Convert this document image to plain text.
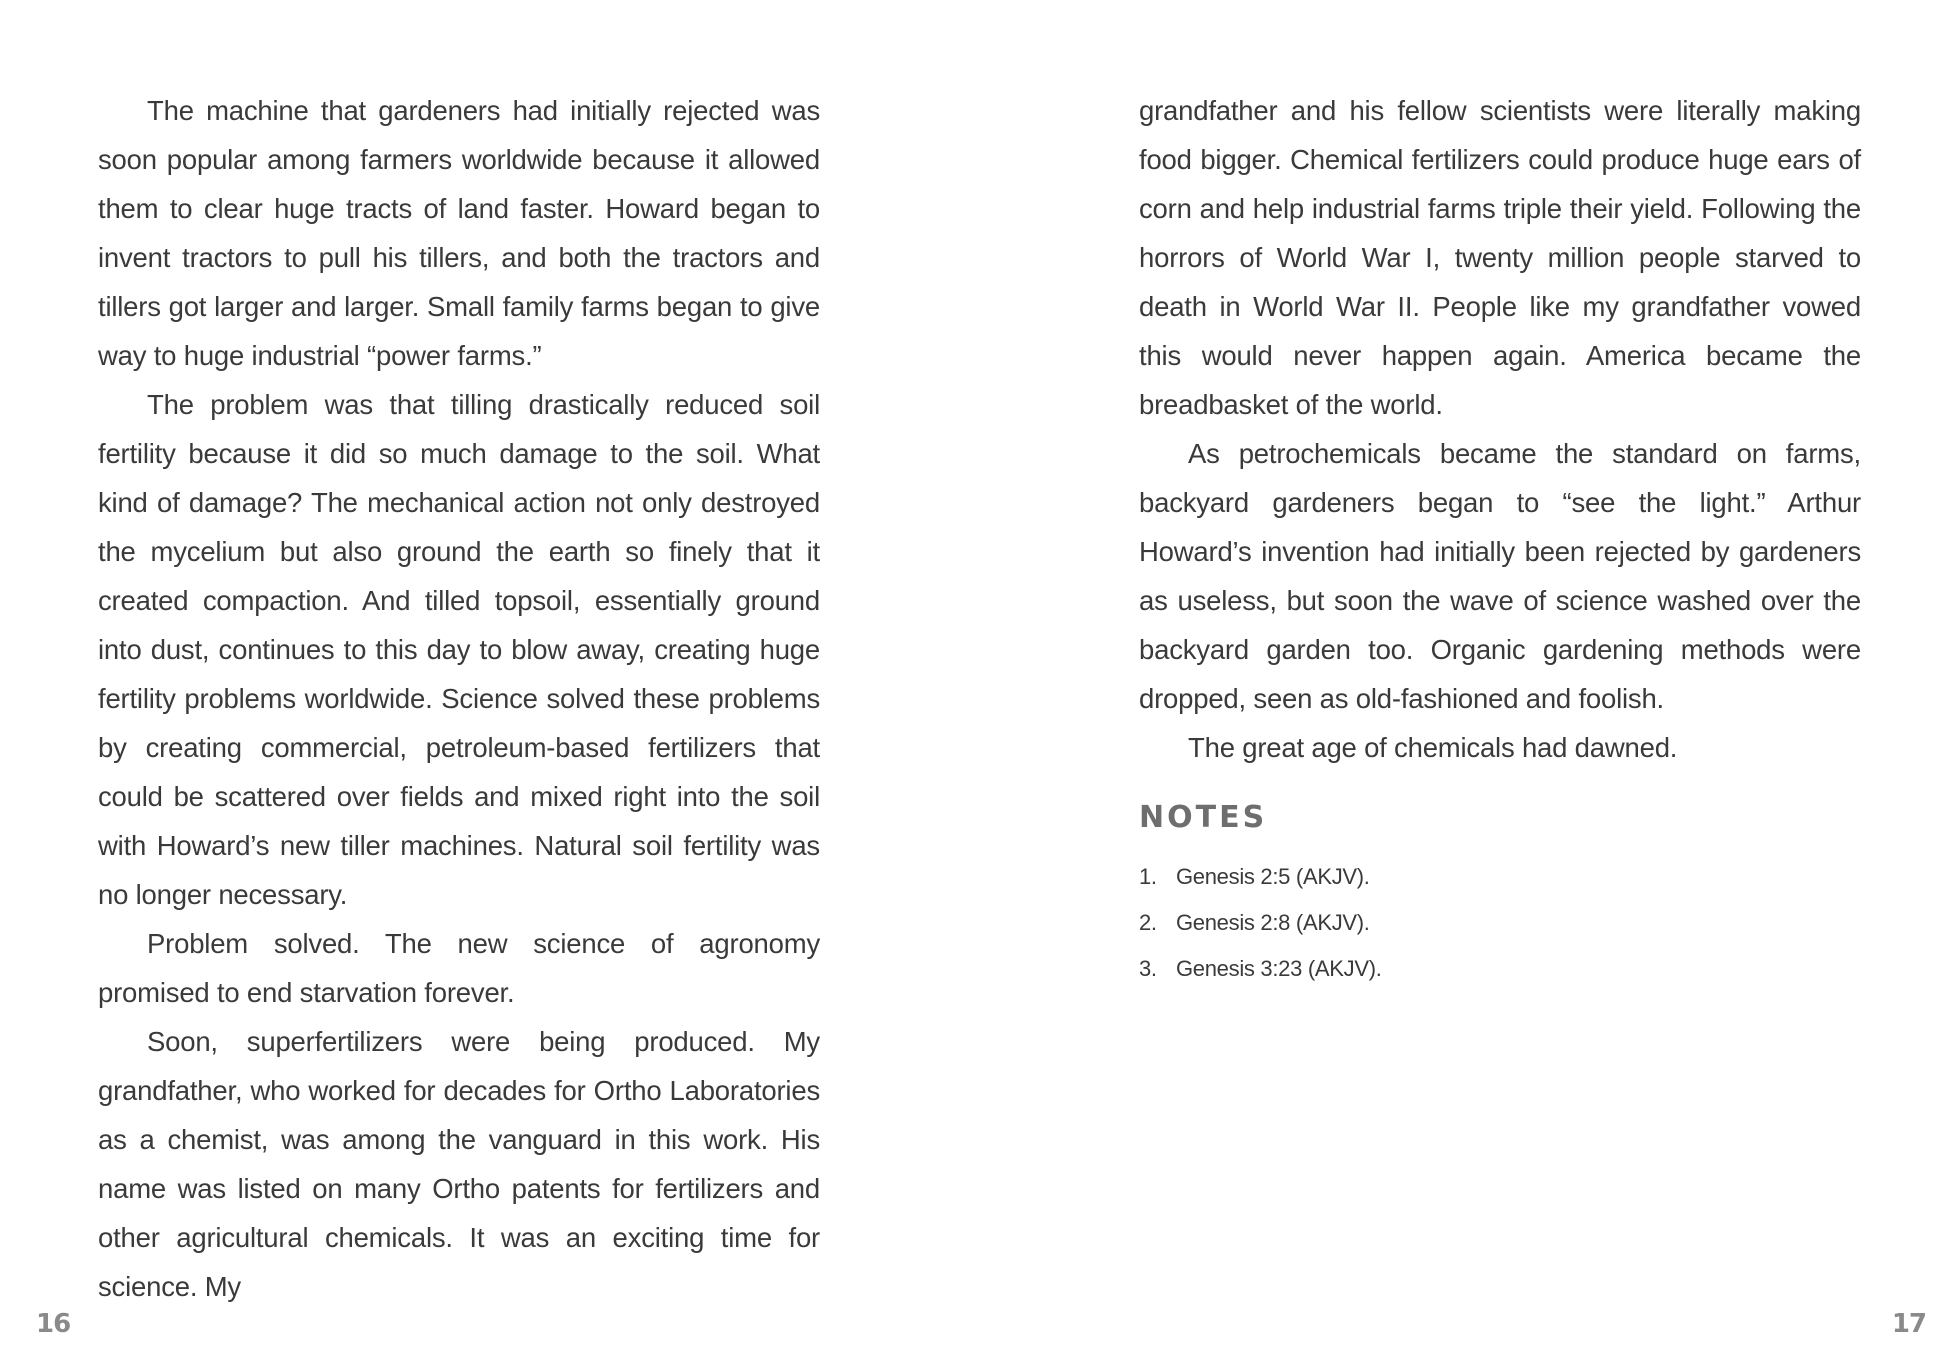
The machine that gardeners had initially rejected was soon popular among farmers worldwide because it allowed them to clear huge tracts of land faster. Howard began to invent tractors to pull his tillers, and both the tractors and tillers got larger and larger. Small family farms began to give way to huge industrial “power farms.”

The problem was that tilling drastically reduced soil fertility because it did so much damage to the soil. What kind of damage? The mechanical action not only destroyed the mycelium but also ground the earth so finely that it created compaction. And tilled topsoil, essentially ground into dust, continues to this day to blow away, creating huge fertility problems worldwide. Science solved these problems by creating commercial, petroleum-based fertilizers that could be scattered over fields and mixed right into the soil with Howard’s new tiller machines. Natural soil fertility was no longer necessary.

Problem solved. The new science of agronomy promised to end starvation forever.

Soon, superfertilizers were being produced. My grandfather, who worked for decades for Ortho Laboratories as a chemist, was among the vanguard in this work. His name was listed on many Ortho patents for fertilizers and other agricultural chemicals. It was an exciting time for science. My

16

grandfather and his fellow scientists were literally making food bigger. Chemical fertilizers could produce huge ears of corn and help industrial farms triple their yield. Following the horrors of World War I, twenty million people starved to death in World War II. People like my grandfather vowed this would never happen again. America became the breadbasket of the world.

As petrochemicals became the standard on farms, backyard gardeners began to “see the light.” Arthur Howard’s invention had initially been rejected by gardeners as useless, but soon the wave of science washed over the backyard garden too. Organic gardening methods were dropped, seen as old-fashioned and foolish.

The great age of chemicals had dawned.

NOTES
1. Genesis 2:5 (AKJV).
2. Genesis 2:8 (AKJV).
3. Genesis 3:23 (AKJV).
17
